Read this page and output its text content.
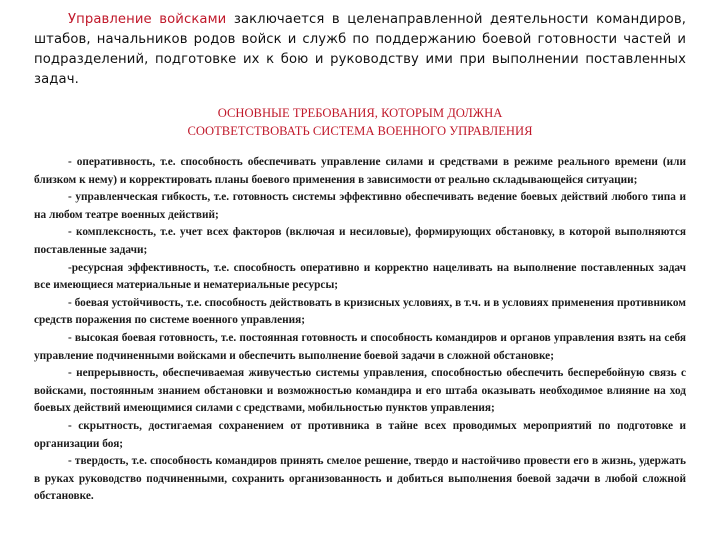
Управление войсками заключается в целенаправленной деятельности командиров, штабов, начальников родов войск и служб по поддержанию боевой готовности частей и подразделений, подготовке их к бою и руководству ими при выполнении поставленных задач.

ОСНОВНЫЕ ТРЕБОВАНИЯ, КОТОРЫМ ДОЛЖНА
СООТВЕТСТВОВАТЬ СИСТЕМА ВОЕННОГО УПРАВЛЕНИЯ
- оперативность, т.е. способность обеспечивать управление силами и средствами в режиме реального времени (или близком к нему) и корректировать планы боевого применения в зависимости от реально складывающейся ситуации;
- управленческая гибкость, т.е. готовность системы эффективно обеспечивать ведение боевых действий любого типа и на любом театре военных действий;
- комплексность, т.е. учет всех факторов (включая и несиловые), формирующих обстановку, в которой выполняются поставленные задачи;
-ресурсная эффективность, т.е. способность оперативно и корректно нацеливать на выполнение поставленных задач все имеющиеся материальные и нематериальные ресурсы;
- боевая устойчивость, т.е. способность действовать в кризисных условиях, в т.ч. и в условиях применения противником средств поражения по системе военного управления;
- высокая боевая готовность, т.е. постоянная готовность и способность командиров и органов управления взять на себя управление подчиненными войсками и обеспечить выполнение боевой задачи в сложной обстановке;
- непрерывность, обеспечиваемая живучестью системы управления, способностью обеспечить бесперебойную связь с войсками, постоянным знанием обстановки и возможностью командира и его штаба оказывать необходимое влияние на ход боевых действий имеющимися силами с средствами, мобильностью пунктов управления;
- скрытность, достигаемая сохранением от противника в тайне всех проводимых мероприятий по подготовке и организации боя;
- твердость, т.е. способность командиров принять смелое решение, твердо и настойчиво провести его в жизнь, удержать в руках руководство подчиненными, сохранить организованность и добиться выполнения боевой задачи в любой сложной обстановке.
